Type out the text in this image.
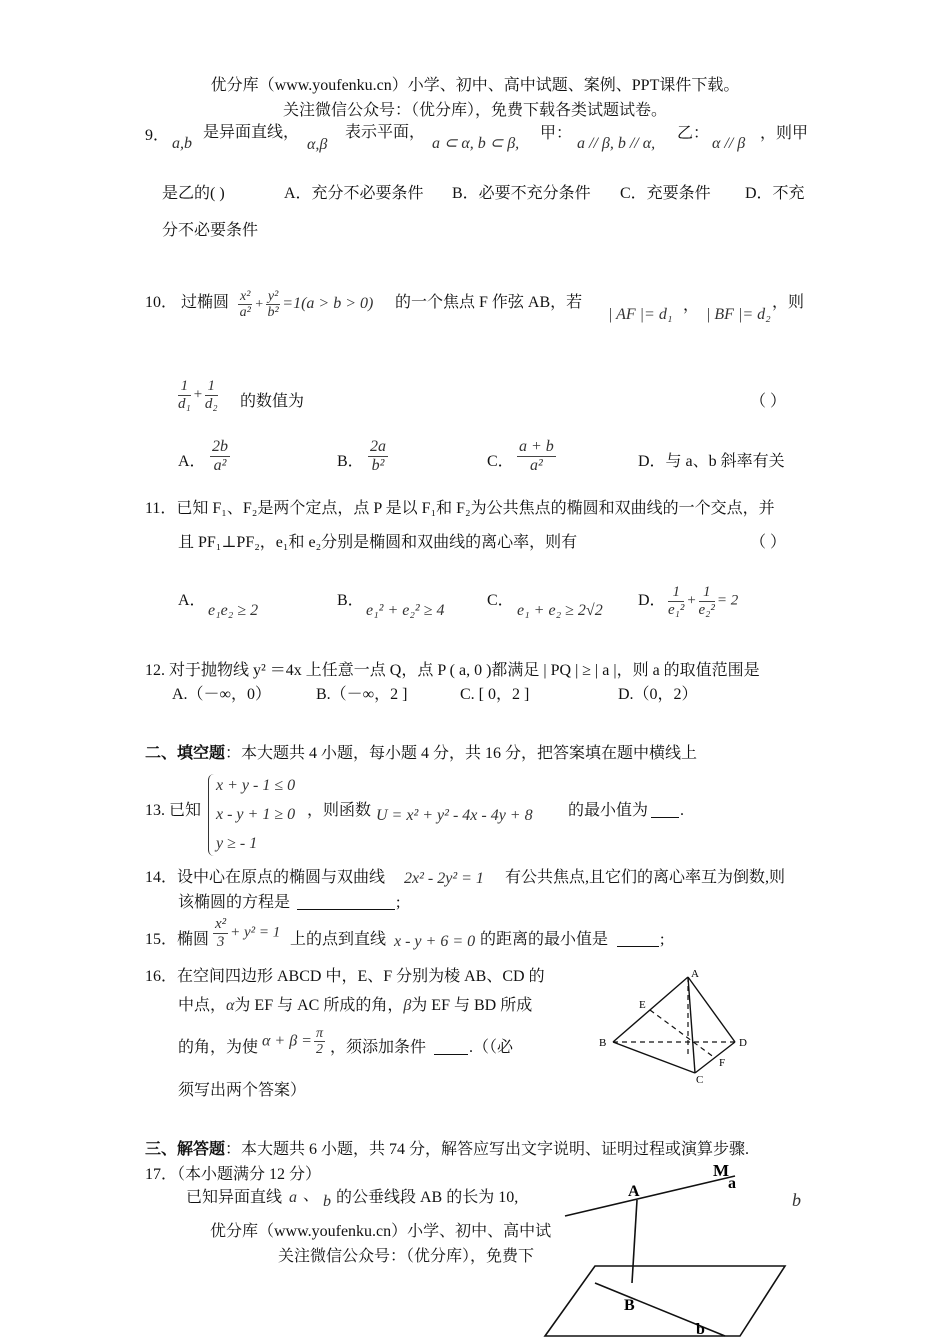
优分库（www.youfenku.cn）小学、初中、高中试题、案例、PPT课件下载。
关注微信公众号：（优分库），免费下载各类试题试卷。
9． a,b
是异面直线，
α,β
表示平面，
a ⊂ α, b ⊂ β,
甲：
a // β, b // α,
乙：
α // β
，则甲
是乙的( )	A．充分不必要条件 B．必要不充分条件 C．充要条件 D．不充
分不必要条件
10． 过椭圆 $\frac{\text{x²}}{\text{a²}} + \frac{\text{y²}}{\text{b²}} =1(a > b > 0)$ 的一个焦点 F 作弦 AB，若
| AF |= d₁
，
| BF |= d₂
，则
$\frac{1}{\text{d₁}} + \frac{1}{\text{d₂}}$ 的数值为	（ ）
A． $\frac{2b}{\text{a²}}$	B． $\frac{2a}{\text{b²}}$	C． $\frac{a + b}{\text{a²}}$	D．与 a、b 斜率有关
11．已知 F₁、F₂是两个定点，点 P 是以 F₁和 F₂为公共焦点的椭圆和双曲线的一个交点，并
且 PF₁⊥PF₂，e₁和 e₂分别是椭圆和双曲线的离心率，则有	（ ）
A．
e₁e₂ ≥ 2
B．
e₁² + e₂² ≥ 4
C．
e₁ + e₂ ≥ 2√2
D． $\frac{1}{\text{e₁²}} + \frac{1}{\text{e₂²}} = 2$
12. 对于抛物线 y² ＝4x 上任意一点 Q，点 P ( a, 0 )都满足 | PQ | ≥ | a |，则 a 的取值范围是
A.（－∞，0）	B.（－∞，2 ]	C. [ 0，2 ]	D.（0，2）
二、填空题：本大题共 4 小题，每小题 4 分，共 16 分，把答案填在题中横线上
13. 已知
x + y - 1 ≤ 0
x - y + 1 ≥ 0
y ≥ - 1
，则函数 U = x² + y² - 4x - 4y + 8 的最小值为 .
14．设中心在原点的椭圆与双曲线 2x² - 2y² = 1 有公共焦点,且它们的离心率互为倒数,则
该椭圆的方程是	;
15．椭圆 $\frac{\text{x²}}{3} + y^2 = 1$ 上的点到直线 x - y + 6 = 0 的距离的最小值是	;
16．在空间四边形 ABCD 中，E、F 分别为棱 AB、CD 的
中点，α为 EF 与 AC 所成的角，β为 EF 与 BD 所成
的角，为使 $\alpha + \beta = \frac{\pi}{2}$ ，须添加条件	.（（必
须写出两个答案）
A
B
C
D
E
F
三、解答题：本大题共 6 小题，共 74 分，解答应写出文字说明、证明过程或演算步骤.
17．（本小题满分 12 分）
已知异面直线 a 、 b 的公垂线段 AB 的长为 10,	b
M
A	a
B
b
优分库（www.youfenku.cn）小学、初中、高中试
关注微信公众号：（优分库），免费下
